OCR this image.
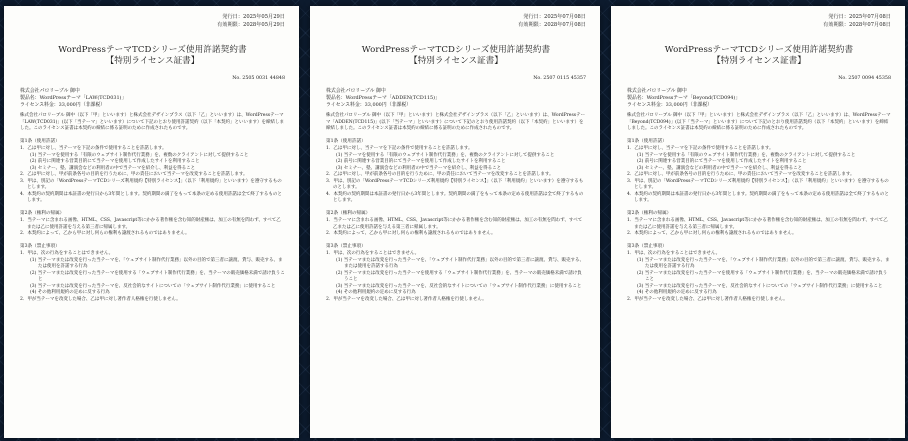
発行日：2025年05月29日
有効期限：2028年05月29日
WordPressテーマTCDシリーズ使用許諾契約書
【特別ライセンス証書】
No. 2505 0031 44848
株式会社パロリーブル 御中
製品名：WordPressテーマ「LAW(TCD031)」
ライセンス料金：33,000円（非課税）

株式会社パロリーブル 御中（以下「甲」といいます）と株式会社デザインプラス（以下「乙」といいます）は、WordPressテーマ「LAW(TCD031)」(以下「当テーマ」といいます）について下記のとおり使用許諾契約（以下「本契約」といいます）を締結しました。このライセンス証書は本契約の締結に係る証明のために作成されたものです。

第1条（使用許諾）

1．乙は甲に対し、当テーマを下記の条件で使用することを許諾します。

(1) 当テーマを使用する「有限のウェブサイト制作代行業務」を、複数のクライアントに対して提供すること

(2) 前号に関連する営業目的にて当テーマを使用して作成したサイトを利用すること

(3) セミナー、塾、講演会などの利用者の中で当テーマを紹介し、利益を得ること

2．乙は甲に対し、甲が前条各号の目的を行うために、甲の責任において当テーマを改変することを許諾します。

3．甲は、別記の「WordPressテーマTCDシリーズ利用規約【特別ライセンス】」（以下「利用規約」といいます）を遵守するものとします。

4．本契約の契約期間は本証書の発行日から3年間とします。契約期間の満了をもって本条の定める使用許諾は全て終了するものとします。

第2条（権利の帰属）

1．当テーマに含まれる画像、HTML、CSS、Javascript等にかかる著作権を含む知的財産権は、加工の有無を問わず、すべて乙または乙に使用許諾を与える第三者に帰属します。

2．本契約によって、乙から甲に対し何らの権利も譲渡されるものではありません。

第3条（禁止事項）

1．甲は、次の行為をすることはできません。

(1) 当テーマまたは改変を行った当テーマを、「ウェブサイト制作代行業務」以外の目的で第三者に譲渡、貸与、販売する、または使用を許諾する行為

(2) 当テーマまたは改変を行った当テーマを使用する「ウェブサイト制作代行業務」を、当テーマの販売価格未満で請け負うこと

(3) 当テーマまたは改変を行った当テーマを、反社会的なサイトについての「ウェブサイト制作代行業務」に使用すること

(4) その他利用規約の定めに反する行為

2．甲が当テーマを改変した場合、乙は甲に対し著作者人格権を行使しません。

発行日：2025年07月08日
有効期限：2028年07月08日
WordPressテーマTCDシリーズ使用許諾契約書
【特別ライセンス証書】
No. 2507 0115 45357
株式会社パロリーブル 御中
製品名：WordPressテーマ「ADDEN(TCD115)」
ライセンス料金：33,000円（非課税）

株式会社パロリーブル 御中（以下「甲」といいます）と株式会社デザインプラス（以下「乙」といいます）は、WordPressテーマ「ADDEN(TCD115)」(以下「当テーマ」といいます）について下記のとおり使用許諾契約（以下「本契約」といいます）を締結しました。このライセンス証書は本契約の締結に係る証明のために作成されたものです。

第1条（使用許諾）

1．乙は甲に対し、当テーマを下記の条件で使用することを許諾します。

(1) 当テーマを使用する「有限のウェブサイト制作代行業務」を、複数のクライアントに対して提供すること

(2) 前号に関連する営業目的にて当テーマを使用して作成したサイトを利用すること

(3) セミナー、塾、講演会などの利用者の中で当テーマを紹介し、利益を得ること

2．乙は甲に対し、甲が前条各号の目的を行うために、甲の責任において当テーマを改変することを許諾します。

3．甲は、別記の「WordPressテーマTCDシリーズ利用規約【特別ライセンス】」（以下「利用規約」といいます）を遵守するものとします。

4．本契約の契約期間は本証書の発行日から3年間とします。契約期間の満了をもって本条の定める使用許諾は全て終了するものとします。

第2条（権利の帰属）

1．当テーマに含まれる画像、HTML、CSS、Javascript等にかかる著作権を含む知的財産権は、加工の有無を問わず、すべて乙または乙に使用許諾を与える第三者に帰属します。

2．本契約によって、乙から甲に対し何らの権利も譲渡されるものではありません。

第3条（禁止事項）

1．甲は、次の行為をすることはできません。

(1) 当テーマまたは改変を行った当テーマを、「ウェブサイト制作代行業務」以外の目的で第三者に譲渡、貸与、販売する、または使用を許諾する行為

(2) 当テーマまたは改変を行った当テーマを使用する「ウェブサイト制作代行業務」を、当テーマの販売価格未満で請け負うこと

(3) 当テーマまたは改変を行った当テーマを、反社会的なサイトについての「ウェブサイト制作代行業務」に使用すること

(4) その他利用規約の定めに反する行為

2．甲が当テーマを改変した場合、乙は甲に対し著作者人格権を行使しません。

発行日：2025年07月08日
有効期限：2028年07月08日
WordPressテーマTCDシリーズ使用許諾契約書
【特別ライセンス証書】
No. 2507 0094 45358
株式会社パロリーブル 御中
製品名：WordPressテーマ「Beyond(TCD094)」
ライセンス料金：33,000円（非課税）

株式会社パロリーブル 御中（以下「甲」といいます）と株式会社デザインプラス（以下「乙」といいます）は、WordPressテーマ「Beyond(TCD094)」(以下「当テーマ」といいます）について下記のとおり使用許諾契約（以下「本契約」といいます）を締結しました。このライセンス証書は本契約の締結に係る証明のために作成されたものです。

第1条（使用許諾）

1．乙は甲に対し、当テーマを下記の条件で使用することを許諾します。

(1) 当テーマを使用する「有限のウェブサイト制作代行業務」を、複数のクライアントに対して提供すること

(2) 前号に関連する営業目的にて当テーマを使用して作成したサイトを利用すること

(3) セミナー、塾、講演会などの利用者の中で当テーマを紹介し、利益を得ること

2．乙は甲に対し、甲が前条各号の目的を行うために、甲の責任において当テーマを改変することを許諾します。

3．甲は、別記の「WordPressテーマTCDシリーズ利用規約【特別ライセンス】」（以下「利用規約」といいます）を遵守するものとします。

4．本契約の契約期間は本証書の発行日から3年間とします。契約期間の満了をもって本条の定める使用許諾は全て終了するものとします。

第2条（権利の帰属）

1．当テーマに含まれる画像、HTML、CSS、Javascript等にかかる著作権を含む知的財産権は、加工の有無を問わず、すべて乙または乙に使用許諾を与える第三者に帰属します。

2．本契約によって、乙から甲に対し何らの権利も譲渡されるものではありません。

第3条（禁止事項）

1．甲は、次の行為をすることはできません。

(1) 当テーマまたは改変を行った当テーマを、「ウェブサイト制作代行業務」以外の目的で第三者に譲渡、貸与、販売する、または使用を許諾する行為

(2) 当テーマまたは改変を行った当テーマを使用する「ウェブサイト制作代行業務」を、当テーマの販売価格未満で請け負うこと

(3) 当テーマまたは改変を行った当テーマを、反社会的なサイトについての「ウェブサイト制作代行業務」に使用すること

(4) その他利用規約の定めに反する行為

2．甲が当テーマを改変した場合、乙は甲に対し著作者人格権を行使しません。
